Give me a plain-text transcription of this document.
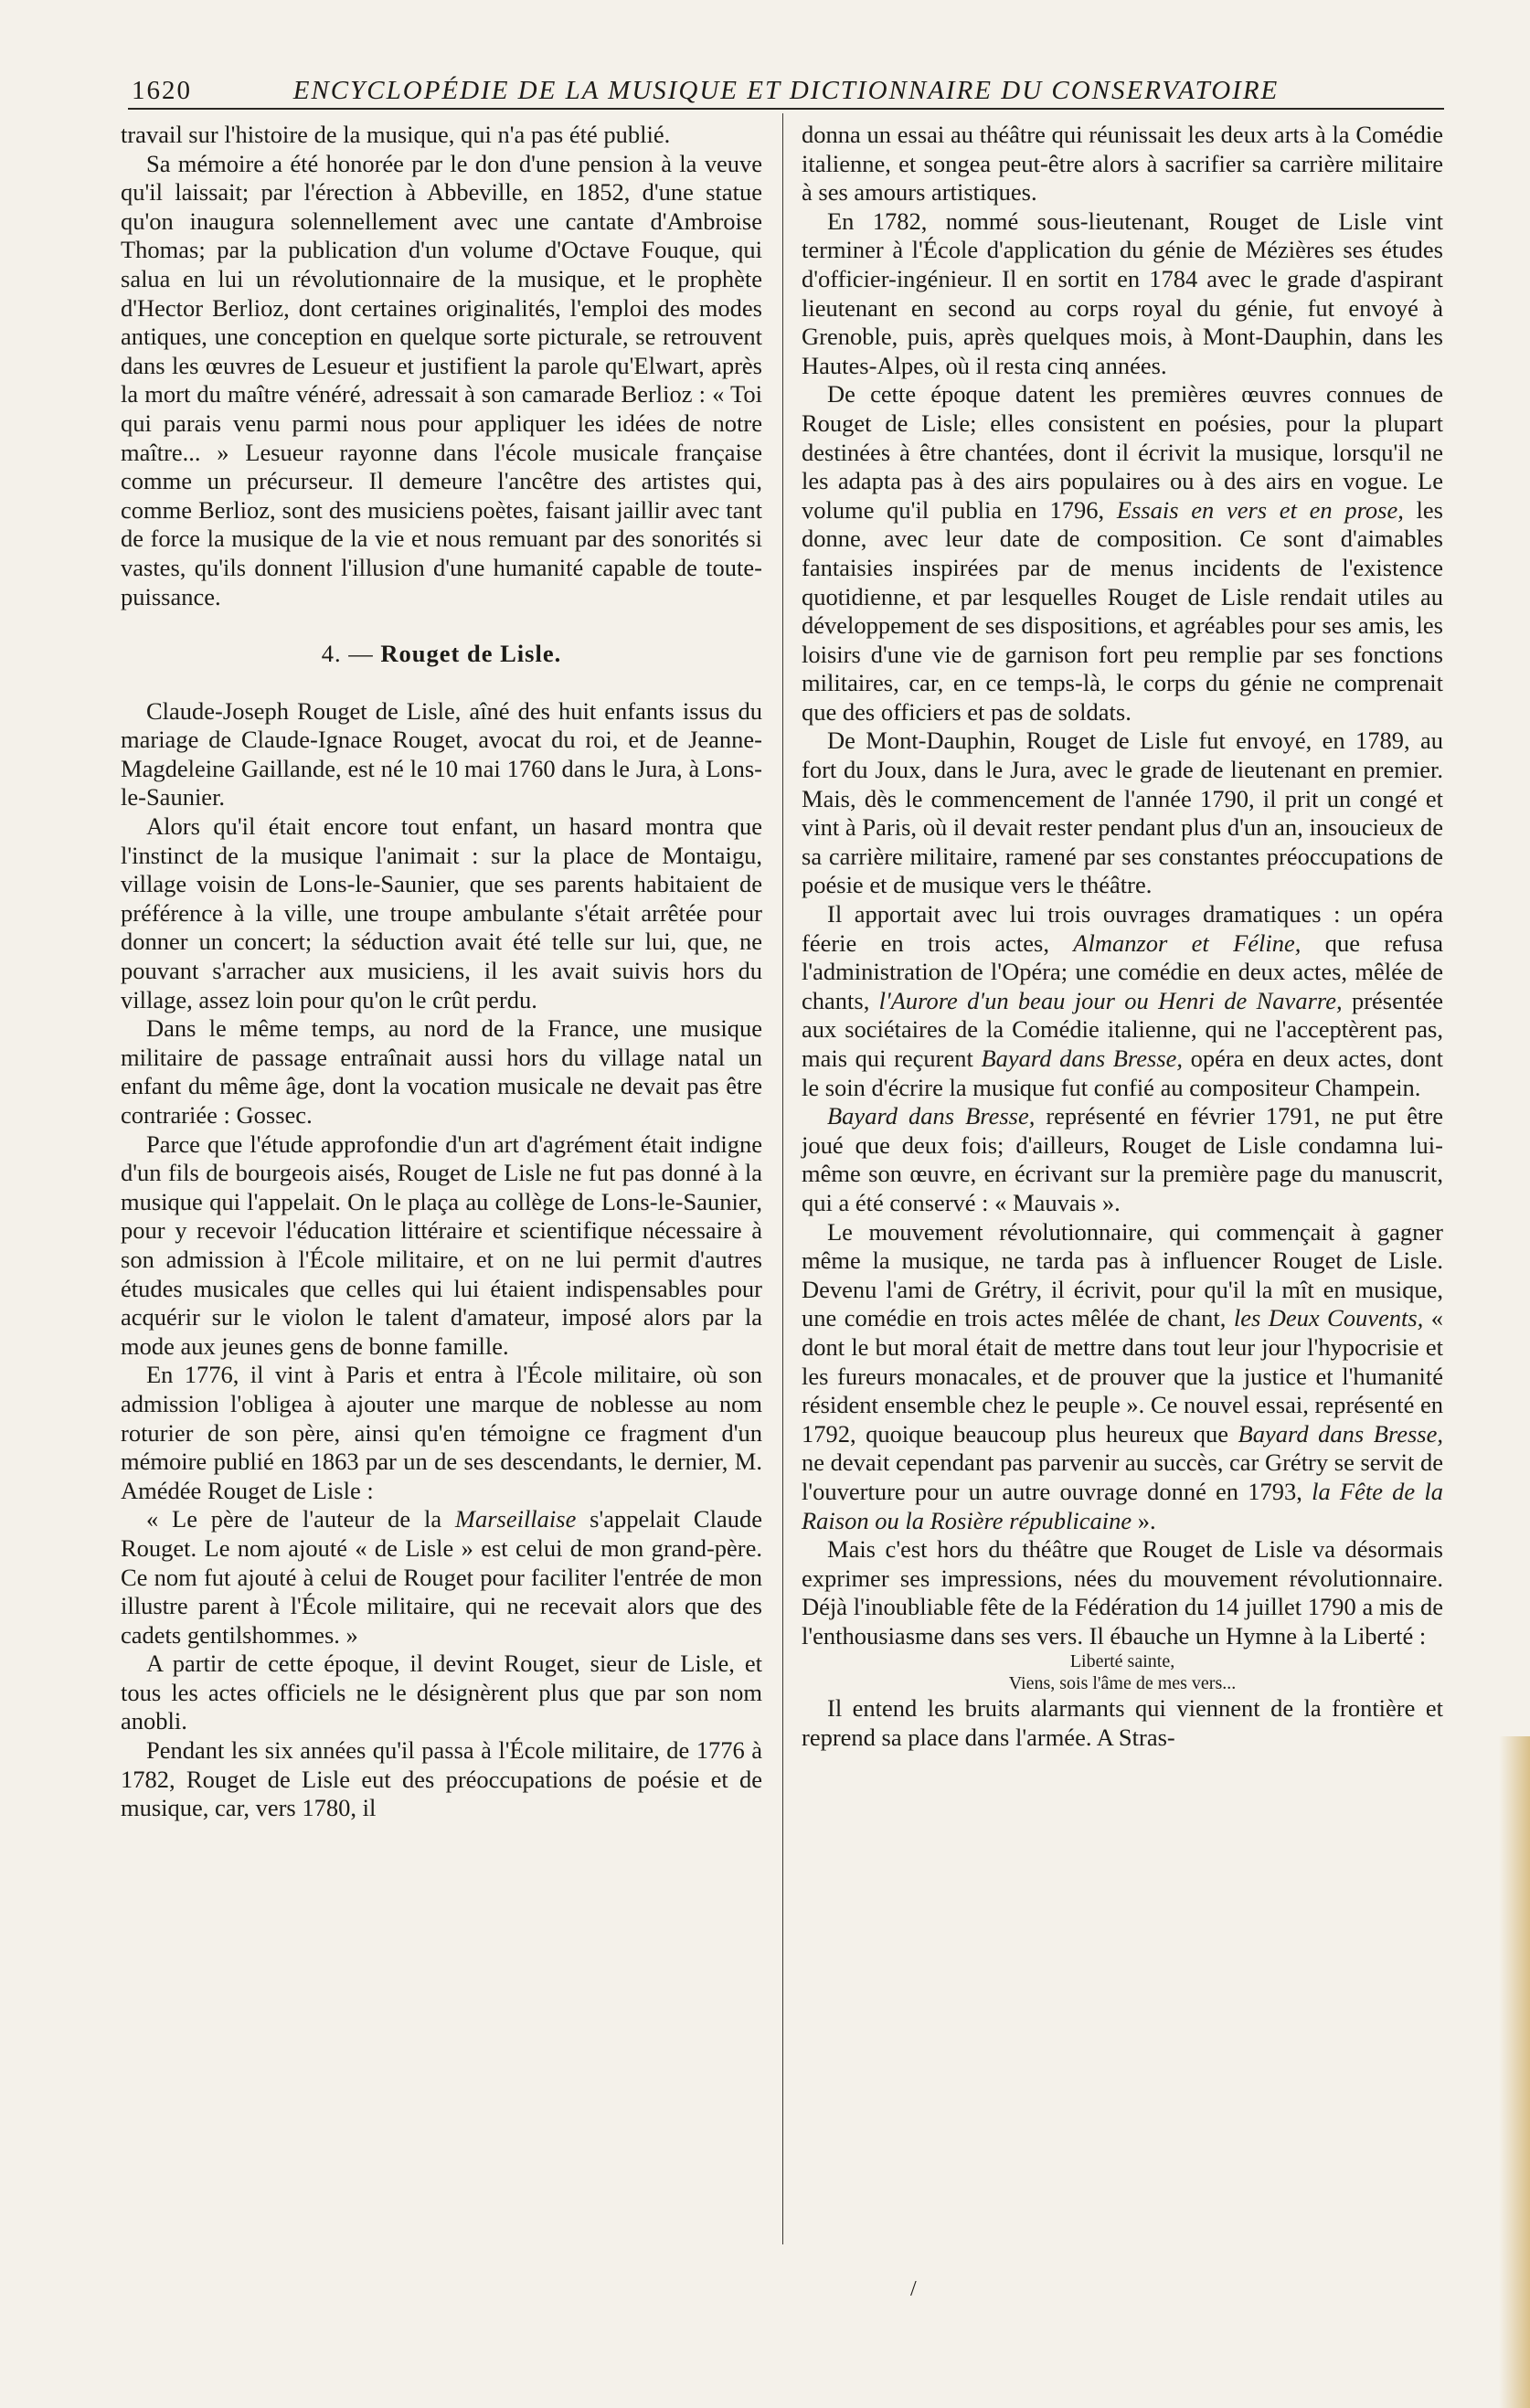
1620	ENCYCLOPÉDIE DE LA MUSIQUE ET DICTIONNAIRE DU CONSERVATOIRE

travail sur l'histoire de la musique, qui n'a pas été publié.

Sa mémoire a été honorée par le don d'une pension à la veuve qu'il laissait; par l'érection à Abbeville, en 1852, d'une statue qu'on inaugura solennellement avec une cantate d'Ambroise Thomas; par la publication d'un volume d'Octave Fouque, qui salua en lui un révolutionnaire de la musique, et le prophète d'Hector Berlioz, dont certaines originalités, l'emploi des modes antiques, une conception en quelque sorte picturale, se retrouvent dans les œuvres de Lesueur et justifient la parole qu'Elwart, après la mort du maître vénéré, adressait à son camarade Berlioz : « Toi qui parais venu parmi nous pour appliquer les idées de notre maître... » Lesueur rayonne dans l'école musicale française comme un précurseur. Il demeure l'ancêtre des artistes qui, comme Berlioz, sont des musiciens poètes, faisant jaillir avec tant de force la musique de la vie et nous remuant par des sonorités si vastes, qu'ils donnent l'illusion d'une humanité capable de toute-puissance.

4. — Rouget de Lisle.

Claude-Joseph Rouget de Lisle, aîné des huit enfants issus du mariage de Claude-Ignace Rouget, avocat du roi, et de Jeanne-Magdeleine Gaillande, est né le 10 mai 1760 dans le Jura, à Lons-le-Saunier.

Alors qu'il était encore tout enfant, un hasard montra que l'instinct de la musique l'animait : sur la place de Montaigu, village voisin de Lons-le-Saunier, que ses parents habitaient de préférence à la ville, une troupe ambulante s'était arrêtée pour donner un concert; la séduction avait été telle sur lui, que, ne pouvant s'arracher aux musiciens, il les avait suivis hors du village, assez loin pour qu'on le crût perdu.

Dans le même temps, au nord de la France, une musique militaire de passage entraînait aussi hors du village natal un enfant du même âge, dont la vocation musicale ne devait pas être contrariée : Gossec.

Parce que l'étude approfondie d'un art d'agrément était indigne d'un fils de bourgeois aisés, Rouget de Lisle ne fut pas donné à la musique qui l'appelait. On le plaça au collège de Lons-le-Saunier, pour y recevoir l'éducation littéraire et scientifique nécessaire à son admission à l'École militaire, et on ne lui permit d'autres études musicales que celles qui lui étaient indispensables pour acquérir sur le violon le talent d'amateur, imposé alors par la mode aux jeunes gens de bonne famille.

En 1776, il vint à Paris et entra à l'École militaire, où son admission l'obligea à ajouter une marque de noblesse au nom roturier de son père, ainsi qu'en témoigne ce fragment d'un mémoire publié en 1863 par un de ses descendants, le dernier, M. Amédée Rouget de Lisle :

« Le père de l'auteur de la Marseillaise s'appelait Claude Rouget. Le nom ajouté « de Lisle » est celui de mon grand-père. Ce nom fut ajouté à celui de Rouget pour faciliter l'entrée de mon illustre parent à l'École militaire, qui ne recevait alors que des cadets gentilshommes. »

A partir de cette époque, il devint Rouget, sieur de Lisle, et tous les actes officiels ne le désignèrent plus que par son nom anobli.

Pendant les six années qu'il passa à l'École militaire, de 1776 à 1782, Rouget de Lisle eut des préoccupations de poésie et de musique, car, vers 1780, il

donna un essai au théâtre qui réunissait les deux arts à la Comédie italienne, et songea peut-être alors à sacrifier sa carrière militaire à ses amours artistiques.

En 1782, nommé sous-lieutenant, Rouget de Lisle vint terminer à l'École d'application du génie de Mézières ses études d'officier-ingénieur. Il en sortit en 1784 avec le grade d'aspirant lieutenant en second au corps royal du génie, fut envoyé à Grenoble, puis, après quelques mois, à Mont-Dauphin, dans les Hautes-Alpes, où il resta cinq années.

De cette époque datent les premières œuvres connues de Rouget de Lisle; elles consistent en poésies, pour la plupart destinées à être chantées, dont il écrivit la musique, lorsqu'il ne les adapta pas à des airs populaires ou à des airs en vogue. Le volume qu'il publia en 1796, Essais en vers et en prose, les donne, avec leur date de composition. Ce sont d'aimables fantaisies inspirées par de menus incidents de l'existence quotidienne, et par lesquelles Rouget de Lisle rendait utiles au développement de ses dispositions, et agréables pour ses amis, les loisirs d'une vie de garnison fort peu remplie par ses fonctions militaires, car, en ce temps-là, le corps du génie ne comprenait que des officiers et pas de soldats.

De Mont-Dauphin, Rouget de Lisle fut envoyé, en 1789, au fort du Joux, dans le Jura, avec le grade de lieutenant en premier. Mais, dès le commencement de l'année 1790, il prit un congé et vint à Paris, où il devait rester pendant plus d'un an, insoucieux de sa carrière militaire, ramené par ses constantes préoccupations de poésie et de musique vers le théâtre.

Il apportait avec lui trois ouvrages dramatiques : un opéra féerie en trois actes, Almanzor et Féline, que refusa l'administration de l'Opéra; une comédie en deux actes, mêlée de chants, l'Aurore d'un beau jour ou Henri de Navarre, présentée aux sociétaires de la Comédie italienne, qui ne l'acceptèrent pas, mais qui reçurent Bayard dans Bresse, opéra en deux actes, dont le soin d'écrire la musique fut confié au compositeur Champein.

Bayard dans Bresse, représenté en février 1791, ne put être joué que deux fois; d'ailleurs, Rouget de Lisle condamna lui-même son œuvre, en écrivant sur la première page du manuscrit, qui a été conservé : « Mauvais ».

Le mouvement révolutionnaire, qui commençait à gagner même la musique, ne tarda pas à influencer Rouget de Lisle. Devenu l'ami de Grétry, il écrivit, pour qu'il la mît en musique, une comédie en trois actes mêlée de chant, les Deux Couvents, « dont le but moral était de mettre dans tout leur jour l'hypocrisie et les fureurs monacales, et de prouver que la justice et l'humanité résident ensemble chez le peuple ». Ce nouvel essai, représenté en 1792, quoique beaucoup plus heureux que Bayard dans Bresse, ne devait cependant pas parvenir au succès, car Grétry se servit de l'ouverture pour un autre ouvrage donné en 1793, la Fête de la Raison ou la Rosière républicaine ».

Mais c'est hors du théâtre que Rouget de Lisle va désormais exprimer ses impressions, nées du mouvement révolutionnaire. Déjà l'inoubliable fête de la Fédération du 14 juillet 1790 a mis de l'enthousiasme dans ses vers. Il ébauche un Hymne à la Liberté :

Liberté sainte,

Viens, sois l'âme de mes vers...

Il entend les bruits alarmants qui viennent de la frontière et reprend sa place dans l'armée. A Stras-

/
